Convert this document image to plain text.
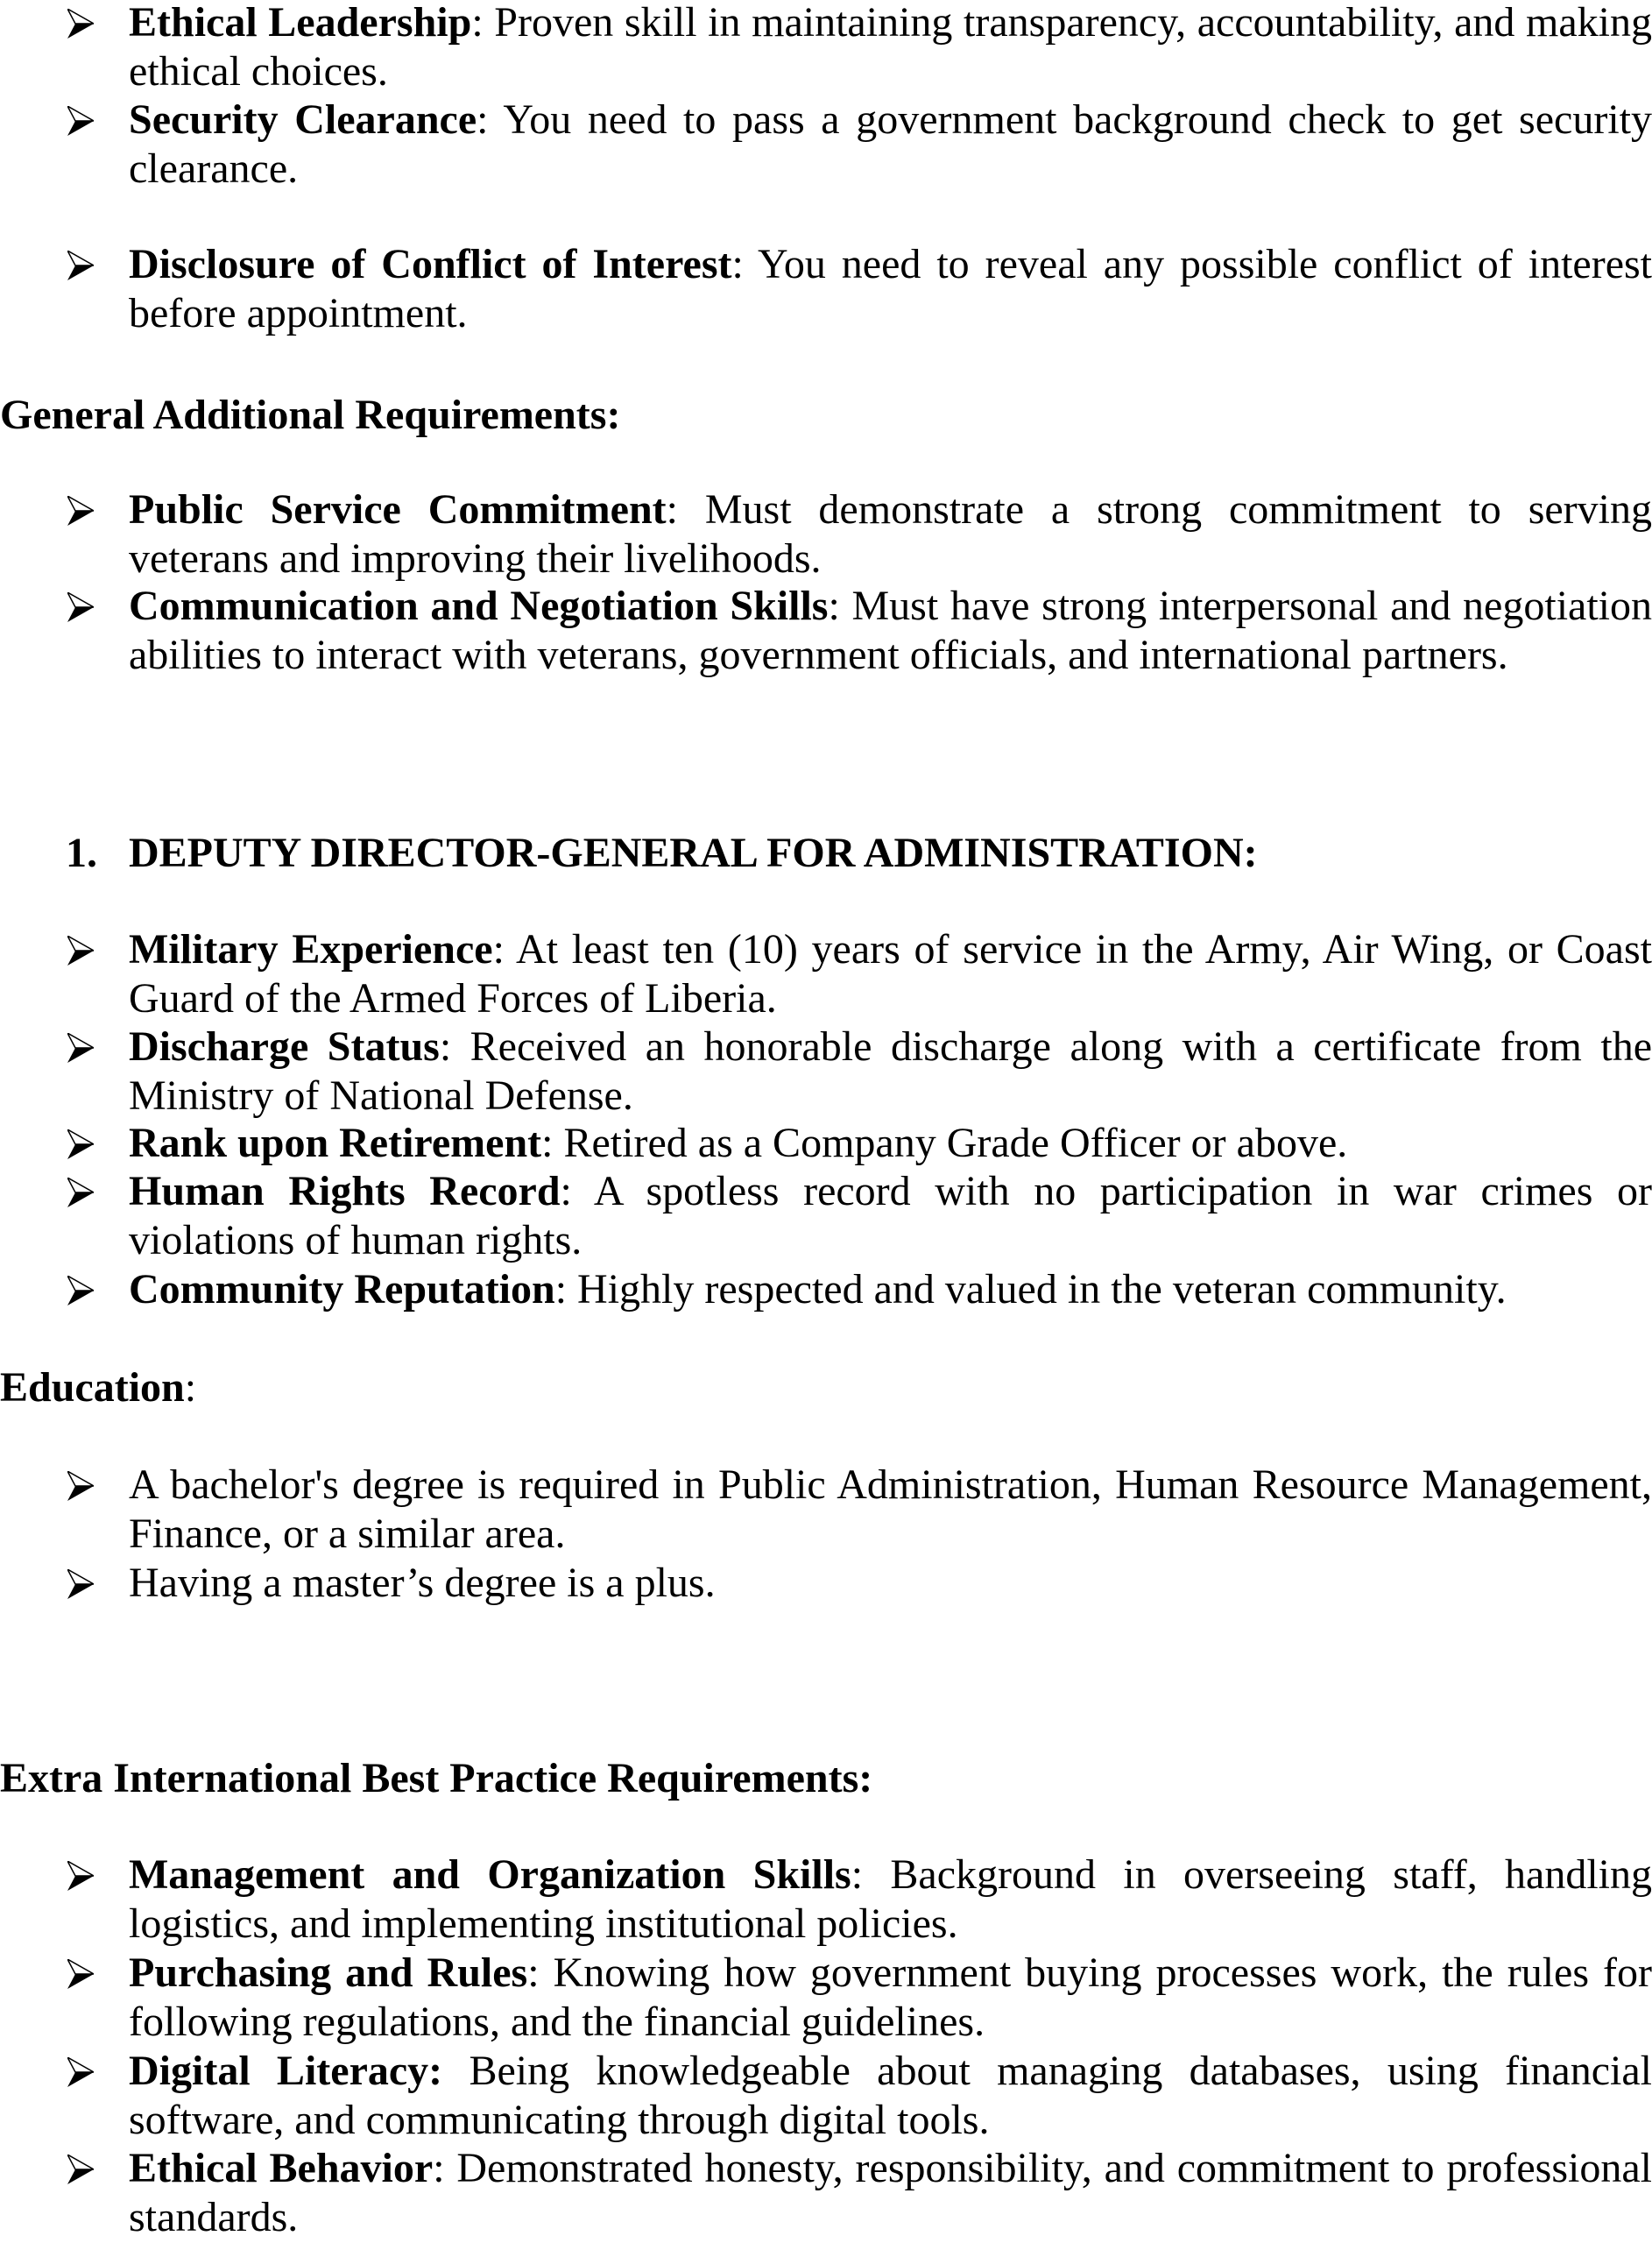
Ethical Leadership: Proven skill in maintaining transparency, accountability, and making ethical choices.
Security Clearance: You need to pass a government background check to get security clearance.
Disclosure of Conflict of Interest: You need to reveal any possible conflict of interest before appointment.
General Additional Requirements:
Public Service Commitment: Must demonstrate a strong commitment to serving veterans and improving their livelihoods.
Communication and Negotiation Skills: Must have strong interpersonal and negotiation abilities to interact with veterans, government officials, and international partners.
1. DEPUTY DIRECTOR-GENERAL FOR ADMINISTRATION:
Military Experience: At least ten (10) years of service in the Army, Air Wing, or Coast Guard of the Armed Forces of Liberia.
Discharge Status: Received an honorable discharge along with a certificate from the Ministry of National Defense.
Rank upon Retirement: Retired as a Company Grade Officer or above.
Human Rights Record: A spotless record with no participation in war crimes or violations of human rights.
Community Reputation: Highly respected and valued in the veteran community.
Education:
A bachelor's degree is required in Public Administration, Human Resource Management, Finance, or a similar area.
Having a master’s degree is a plus.
Extra International Best Practice Requirements:
Management and Organization Skills: Background in overseeing staff, handling logistics, and implementing institutional policies.
Purchasing and Rules: Knowing how government buying processes work, the rules for following regulations, and the financial guidelines.
Digital Literacy: Being knowledgeable about managing databases, using financial software, and communicating through digital tools.
Ethical Behavior: Demonstrated honesty, responsibility, and commitment to professional standards.
